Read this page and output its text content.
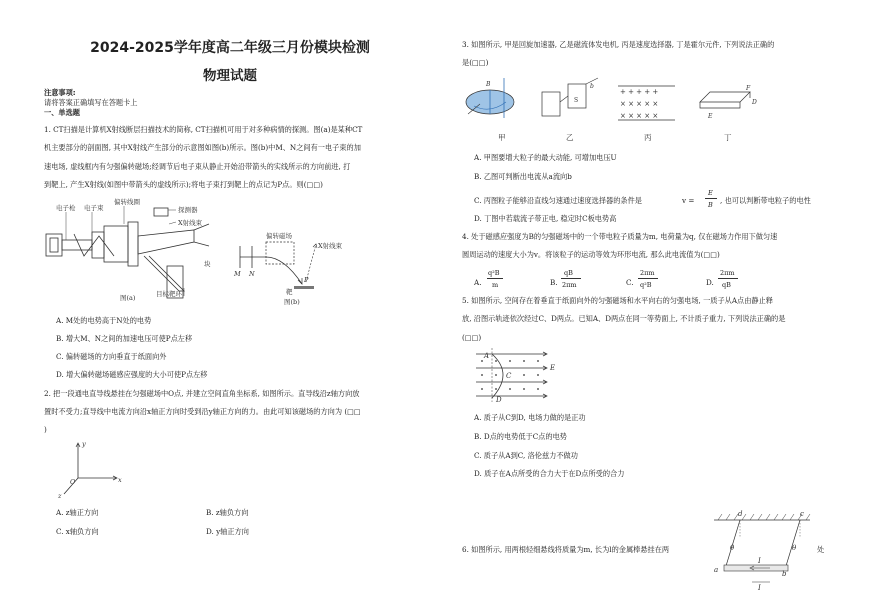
2024-2025学年度高二年级三月份模块检测
物理试题
注意事项:
请将答案正确填写在答题卡上
一、单选题
1. CT扫描是计算机X射线断层扫描技术的简称, CT扫描机可用于对多种病情的探测。图(a)是某种CT
机主要部分的剖面图, 其中X射线产生部分的示意图如图(b)所示。图(b)中M、N之间有一电子束的加
速电场, 虚线框内有匀强偏转磁场;经调节后电子束从静止开始沿带箭头的实线所示的方向前进, 打
到靶上, 产生X射线(如图中带箭头的虚线所示);将电子束打到靶上的点记为P点。则(□□)
电子枪 电子束
偏转线圈
探测器
X射线束
块
目标靶环
图(a)
偏转磁场
X射线束
M N
P
靶
图(b)
A. M处的电势高于N处的电势
B. 增大M、N之间的加速电压可使P点左移
C. 偏转磁场的方向垂直于纸面向外
D. 增大偏转磁场磁感应强度的大小可使P点左移
2. 把一段通电直导线悬挂在匀强磁场中O点, 并建立空间直角坐标系, 如图所示。直导线沿z轴方向放
置时不受力;直导线中电流方向沿x轴正方向时受到沿y轴正方向的力。由此可知该磁场的方向为 (□□
)
y
O	x
z
A. z轴正方向	B. z轴负方向
C. x轴负方向	D. y轴正方向
3. 如图所示, 甲是回旋加速器, 乙是磁流体发电机, 丙是速度选择器, 丁是霍尔元件, 下列说法正确的
是(□□)
B
S
b
+ + + + +
× × × × ×
× × × × ×
F
D
E
甲	乙	丙	丁
A. 甲图要增大粒子的最大动能, 可增加电压U
B. 乙图可判断出电流从a流向b
C. 丙图粒子能够沿直线匀速通过速度选择器的条件是	v =
E
B , 也可以判断带电粒子的电性
D. 丁图中若载流子带正电, 稳定时C板电势高
4. 处于磁感应强度为B的匀强磁场中的一个带电粒子质量为m, 电荷量为q, 仅在磁场力作用下做匀速
圆周运动的速度大小为v。将该粒子的运动等效为环形电流, 那么此电流值为(□□)
A.
q²B
m	B.
qB
2πm	C.
2πm
q²B	D.
2πm
qB
5. 如图所示, 空间存在着垂直于纸面向外的匀强磁场和水平向右的匀强电场, 一质子从A点由静止释
放, 沿图示轨迹依次经过C、D两点。已知A、D两点在同一等势面上, 不计质子重力, 下列说法正确的是
(□□)
A
C
D
E
A. 质子从C到D, 电场力做的是正功
B. D点的电势低于C点的电势
C. 质子从A到C, 洛伦兹力不做功
D. 质子在A点所受的合力大于在D点所受的合力
6. 如图所示, 用两根轻细悬线将质量为m, 长为l的金属棒悬挂在两	处
d	c
θ	θ
a	b
I
I
